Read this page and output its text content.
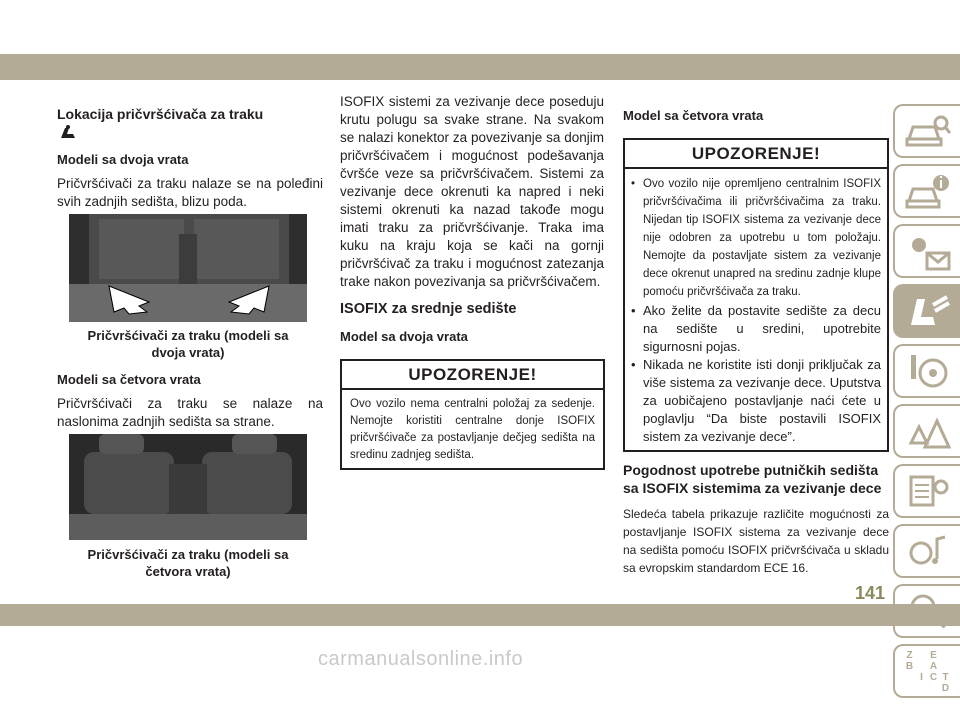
Lokacija pričvršćivača za traku

Modeli sa dvoja vrata

Pričvršćivači za traku nalaze se na poleđini svih zadnjih sedišta, blizu poda.

Pričvršćivači za traku (modeli sa dvoja vrata)

Modeli sa četvora vrata

Pričvršćivači za traku se nalaze na naslonima zadnjih sedišta sa strane.

Pričvršćivači za traku (modeli sa četvora vrata)

ISOFIX sistemi za vezivanje dece poseduju krutu polugu sa svake strane. Na svakom se nalazi konektor za povezivanje sa donjim pričvršćivačem i mogućnost podešavanja čvršće veze sa pričvršćivačem. Sistemi za vezivanje dece okrenuti ka napred i neki sistemi okrenuti ka nazad takođe mogu imati traku za pričvršćivanje. Traka ima kuku na kraju koja se kači na gornji pričvršćivač za traku i mogućnost zatezanja trake nakon povezivanja sa pričvršćivačem.

ISOFIX za srednje sedište

Model sa dvoja vrata

UPOZORENJE!
Ovo vozilo nema centralni položaj za sedenje. Nemojte koristiti centralne donje ISOFIX pričvršćivače za postavljanje dečjeg sedišta na sredinu zadnjeg sedišta.

Model sa četvora vrata

UPOZORENJE!
• Ovo vozilo nije opremljeno centralnim ISOFIX pričvršćivačima ili pričvršćivačima za traku. Nijedan tip ISOFIX sistema za vezivanje dece nije odobren za upotrebu u tom položaju. Nemojte da postavljate sistem za vezivanje dece okrenut unapred na sredinu zadnje klupe pomoću pričvršćivača za traku.
• Ako želite da postavite sedište za decu na sedište u sredini, upotrebite sigurnosni pojas.
• Nikada ne koristite isti donji priključak za više sistema za vezivanje dece. Uputstva za uobičajeno postavljanje naći ćete u poglavlju “Da biste postavili ISOFIX sistem za vezivanje dece”.

Pogodnost upotrebe putničkih sedišta sa ISOFIX sistemima za vezivanje dece

Sledeća tabela prikazuje različite mogućnosti za postavljanje ISOFIX sistema za vezivanje dece na sedišta pomoću ISOFIX pričvršćivača u skladu sa evropskim standardom ECE 16.

Z E
B A
I C T
D
141
carmanualsonline.info
